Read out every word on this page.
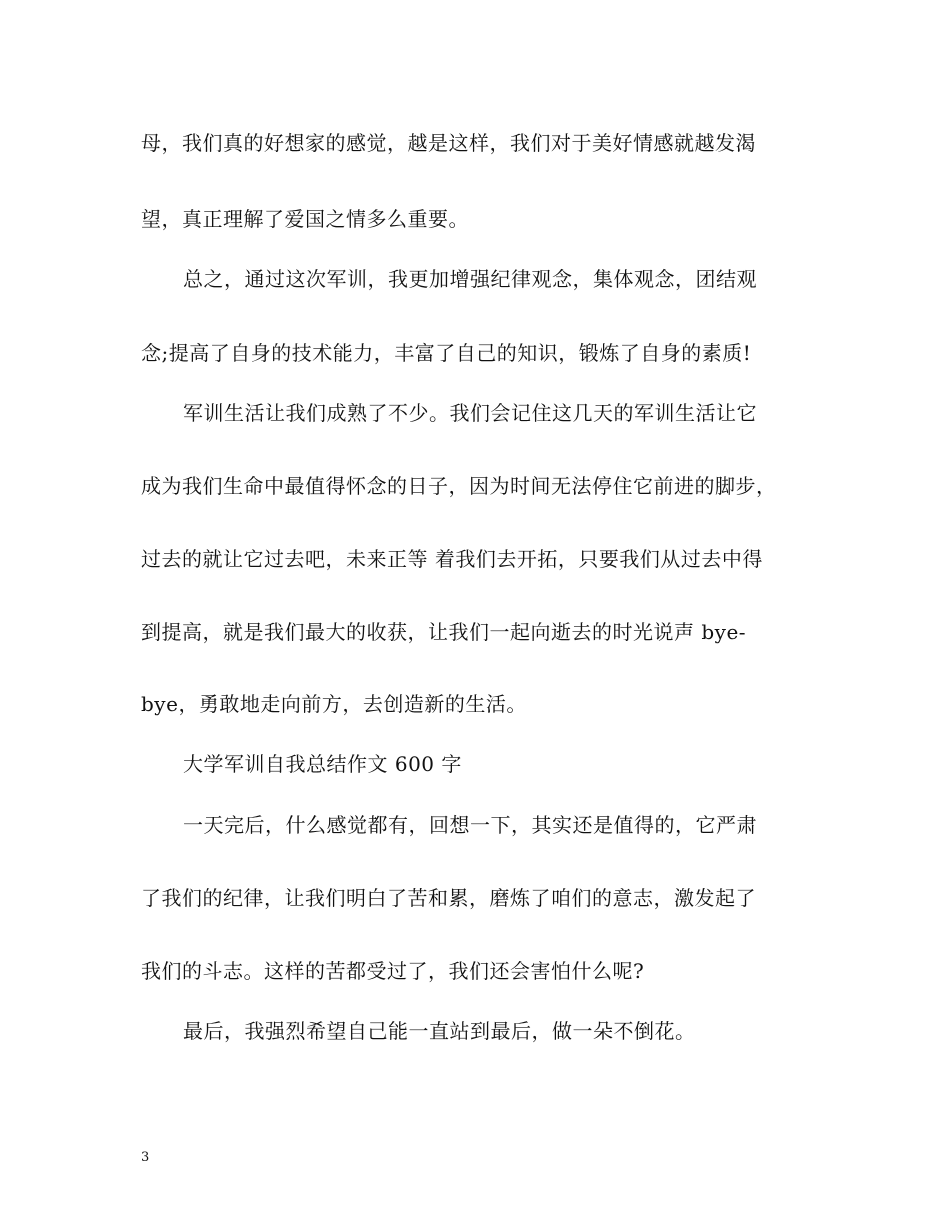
母，我们真的好想家的感觉，越是这样，我们对于美好情感就越发渴
望，真正理解了爱国之情多么重要。
总之，通过这次军训，我更加增强纪律观念，集体观念，团结观
念;提高了自身的技术能力，丰富了自己的知识，锻炼了自身的素质!
军训生活让我们成熟了不少。我们会记住这几天的军训生活让它
成为我们生命中最值得怀念的日子，因为时间无法停住它前进的脚步，
过去的就让它过去吧，未来正等 着我们去开拓，只要我们从过去中得
到提高，就是我们最大的收获，让我们一起向逝去的时光说声 bye-
bye，勇敢地走向前方，去创造新的生活。
大学军训自我总结作文 600 字
一天完后，什么感觉都有，回想一下，其实还是值得的，它严肃
了我们的纪律，让我们明白了苦和累，磨炼了咱们的意志，激发起了
我们的斗志。这样的苦都受过了，我们还会害怕什么呢?
最后，我强烈希望自己能一直站到最后，做一朵不倒花。
3
